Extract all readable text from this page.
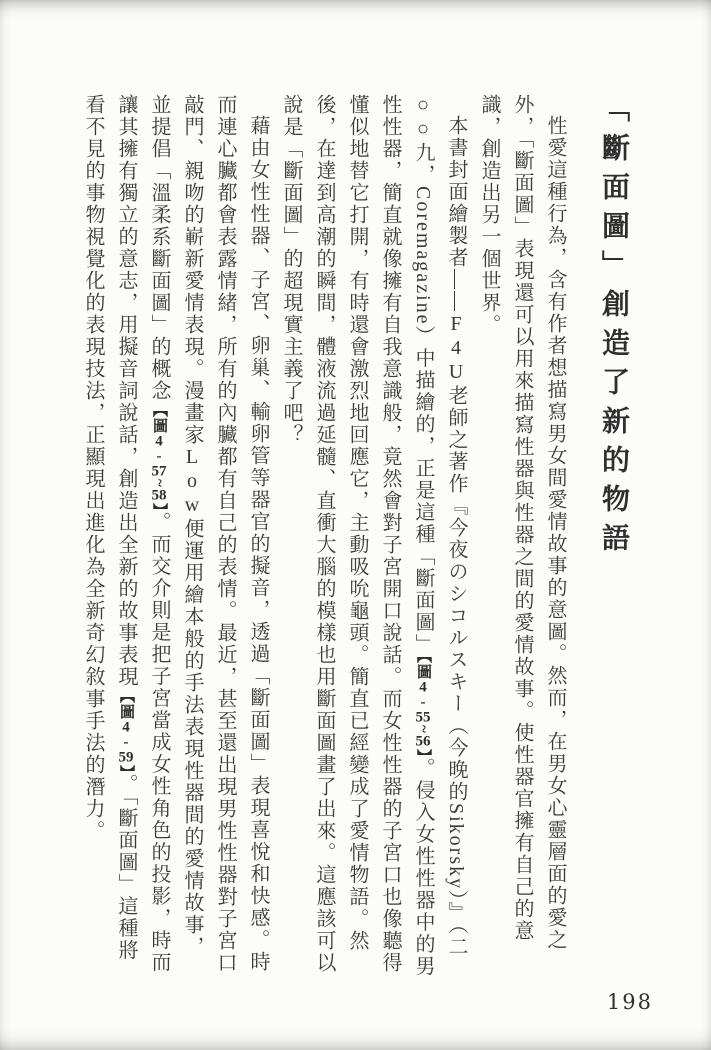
「斷面圖」創造了新的物語

性愛這種行為，含有作者想描寫男女間愛情故事的意圖。然而，在男女心靈層面的愛之外，「斷面圖」表現還可以用來描寫性器與性器之間的愛情故事。使性器官擁有自己的意識，創造出另一個世界。

本書封面繪製者——F4U老師之著作『今夜のシコルスキー（今晚的Sikorsky）』（二○○九，Coremagazine）中描繪的，正是這種「斷面圖」【圖4-55~56】。侵入女性性器中的男性性器，簡直就像擁有自我意識般，竟然會對子宮開口說話。而女性性器的子宮口也像聽得懂似地替它打開，有時還會激烈地回應它，主動吸吮龜頭。簡直已經變成了愛情物語。然後，在達到高潮的瞬間，體液流過延髓、直衝大腦的模樣也用斷面圖畫了出來。這應該可以說是「斷面圖」的超現實主義了吧？

藉由女性性器、子宮、卵巢、輸卵管等器官的擬音，透過「斷面圖」表現喜悅和快感。時而連心臟都會表露情緒，所有的內臟都有自己的表情。最近，甚至還出現男性性器對子宮口敲門、親吻的嶄新愛情表現。漫畫家Low便運用繪本般的手法表現性器間的愛情故事，並提倡「溫柔系斷面圖」的概念【圖4-57~58】。而交介則是把子宮當成女性角色的投影，時而讓其擁有獨立的意志，用擬音詞說話，創造出全新的故事表現【圖4-59】。「斷面圖」這種將看不見的事物視覺化的表現技法，正顯現出進化為全新奇幻敘事手法的潛力。

198
